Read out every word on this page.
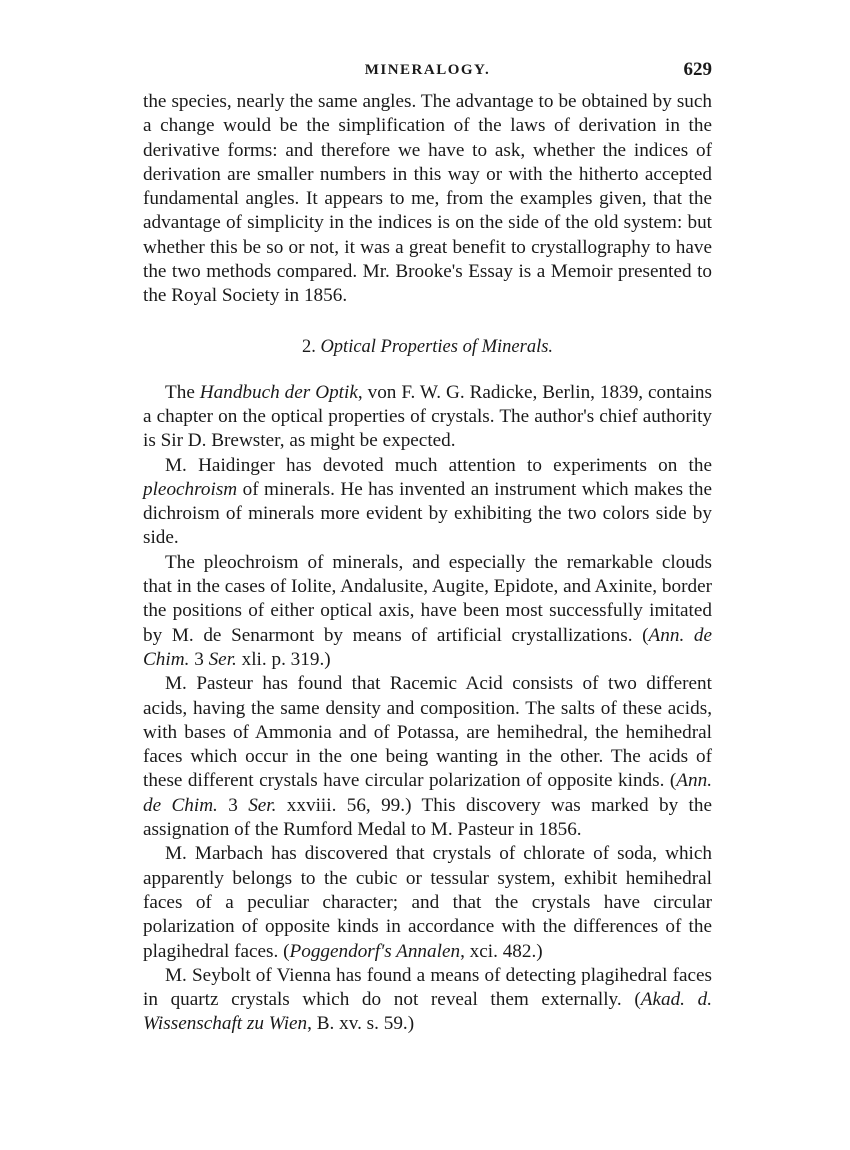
MINERALOGY.	629

the species, nearly the same angles. The advantage to be obtained by such a change would be the simplification of the laws of derivation in the derivative forms: and therefore we have to ask, whether the indices of derivation are smaller numbers in this way or with the hitherto accepted fundamental angles. It appears to me, from the examples given, that the advantage of simplicity in the indices is on the side of the old system: but whether this be so or not, it was a great benefit to crystallography to have the two methods compared. Mr. Brooke's Essay is a Memoir presented to the Royal Society in 1856.

2. Optical Properties of Minerals.

The Handbuch der Optik, von F. W. G. Radicke, Berlin, 1839, contains a chapter on the optical properties of crystals. The author's chief authority is Sir D. Brewster, as might be expected.

M. Haidinger has devoted much attention to experiments on the pleochroism of minerals. He has invented an instrument which makes the dichroism of minerals more evident by exhibiting the two colors side by side.

The pleochroism of minerals, and especially the remarkable clouds that in the cases of Iolite, Andalusite, Augite, Epidote, and Axinite, border the positions of either optical axis, have been most successfully imitated by M. de Senarmont by means of artificial crystallizations. (Ann. de Chim. 3 Ser. xli. p. 319.)

M. Pasteur has found that Racemic Acid consists of two different acids, having the same density and composition. The salts of these acids, with bases of Ammonia and of Potassa, are hemihedral, the hemihedral faces which occur in the one being wanting in the other. The acids of these different crystals have circular polarization of opposite kinds. (Ann. de Chim. 3 Ser. xxviii. 56, 99.) This discovery was marked by the assignation of the Rumford Medal to M. Pasteur in 1856.

M. Marbach has discovered that crystals of chlorate of soda, which apparently belongs to the cubic or tessular system, exhibit hemihedral faces of a peculiar character; and that the crystals have circular polarization of opposite kinds in accordance with the differences of the plagihedral faces. (Poggendorf's Annalen, xci. 482.)

M. Seybolt of Vienna has found a means of detecting plagihedral faces in quartz crystals which do not reveal them externally. (Akad. d. Wissenschaft zu Wien, B. xv. s. 59.)
